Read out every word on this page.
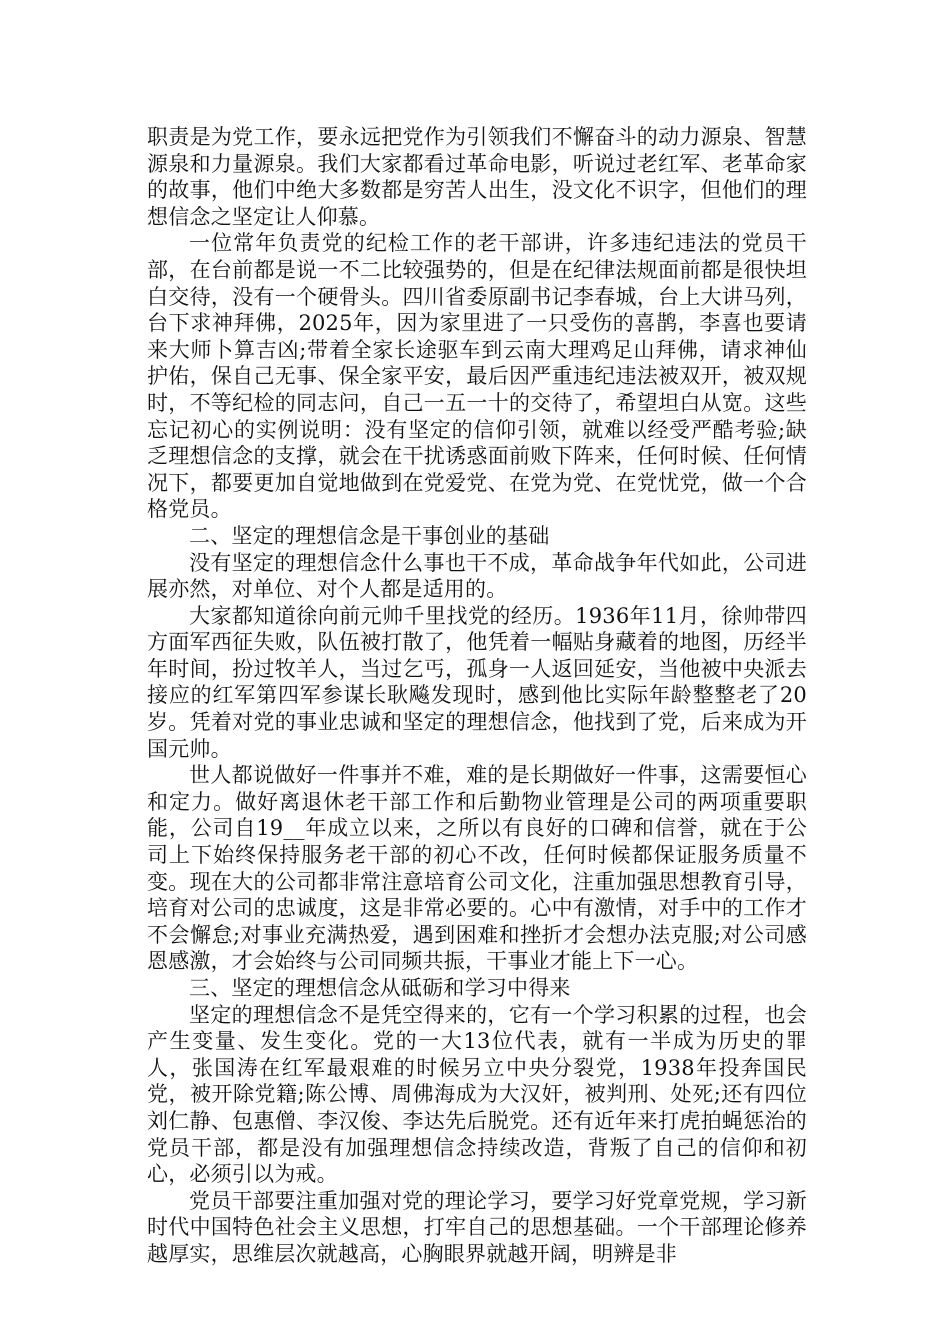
职责是为党工作，要永远把党作为引领我们不懈奋斗的动力源泉、智慧源泉和力量源泉。我们大家都看过革命电影，听说过老红军、老革命家的故事，他们中绝大多数都是穷苦人出生，没文化不识字，但他们的理想信念之坚定让人仰慕。

一位常年负责党的纪检工作的老干部讲，许多违纪违法的党员干部，在台前都是说一不二比较强势的，但是在纪律法规面前都是很快坦白交待，没有一个硬骨头。四川省委原副书记李春城，台上大讲马列，台下求神拜佛，2025年，因为家里进了一只受伤的喜鹊，李喜也要请来大师卜算吉凶;带着全家长途驱车到云南大理鸡足山拜佛，请求神仙护佑，保自己无事、保全家平安，最后因严重违纪违法被双开，被双规时，不等纪检的同志问，自己一五一十的交待了，希望坦白从宽。这些忘记初心的实例说明：没有坚定的信仰引领，就难以经受严酷考验;缺乏理想信念的支撑，就会在干扰诱惑面前败下阵来，任何时候、任何情况下，都要更加自觉地做到在党爱党、在党为党、在党忧党，做一个合格党员。

二、坚定的理想信念是干事创业的基础

没有坚定的理想信念什么事也干不成，革命战争年代如此，公司进展亦然，对单位、对个人都是适用的。

大家都知道徐向前元帅千里找党的经历。1936年11月，徐帅带四方面军西征失败，队伍被打散了，他凭着一幅贴身藏着的地图，历经半年时间，扮过牧羊人，当过乞丐，孤身一人返回延安，当他被中央派去接应的红军第四军参谋长耿飚发现时，感到他比实际年龄整整老了20岁。凭着对党的事业忠诚和坚定的理想信念，他找到了党，后来成为开国元帅。

世人都说做好一件事并不难，难的是长期做好一件事，这需要恒心和定力。做好离退休老干部工作和后勤物业管理是公司的两项重要职能，公司自19__年成立以来，之所以有良好的口碑和信誉，就在于公司上下始终保持服务老干部的初心不改，任何时候都保证服务质量不变。现在大的公司都非常注意培育公司文化，注重加强思想教育引导，培育对公司的忠诚度，这是非常必要的。心中有激情，对手中的工作才不会懈怠;对事业充满热爱，遇到困难和挫折才会想办法克服;对公司感恩感激，才会始终与公司同频共振，干事业才能上下一心。

三、坚定的理想信念从砥砺和学习中得来

坚定的理想信念不是凭空得来的，它有一个学习积累的过程，也会产生变量、发生变化。党的一大13位代表，就有一半成为历史的罪人，张国涛在红军最艰难的时候另立中央分裂党，1938年投奔国民党，被开除党籍;陈公博、周佛海成为大汉奸，被判刑、处死;还有四位刘仁静、包惠僧、李汉俊、李达先后脱党。还有近年来打虎拍蝇惩治的党员干部，都是没有加强理想信念持续改造，背叛了自己的信仰和初心，必须引以为戒。

党员干部要注重加强对党的理论学习，要学习好党章党规，学习新时代中国特色社会主义思想，打牢自己的思想基础。一个干部理论修养越厚实，思维层次就越高，心胸眼界就越开阔，明辨是非
